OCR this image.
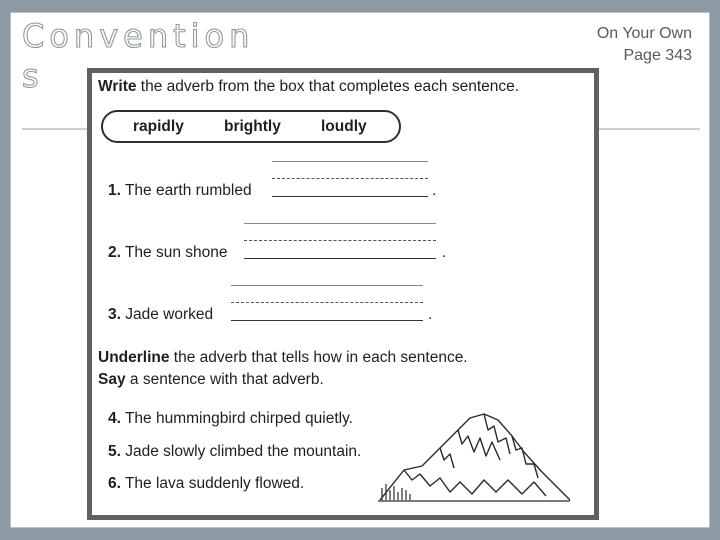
Conventions
On Your Own
Page 343
Write the adverb from the box that completes each sentence.
rapidly	brightly	loudly
1. The earth rumbled	.
2. The sun shone	.
3. Jade worked	.
Underline the adverb that tells how in each sentence.
Say a sentence with that adverb.
4. The hummingbird chirped quietly.
5. Jade slowly climbed the mountain.
6. The lava suddenly flowed.
